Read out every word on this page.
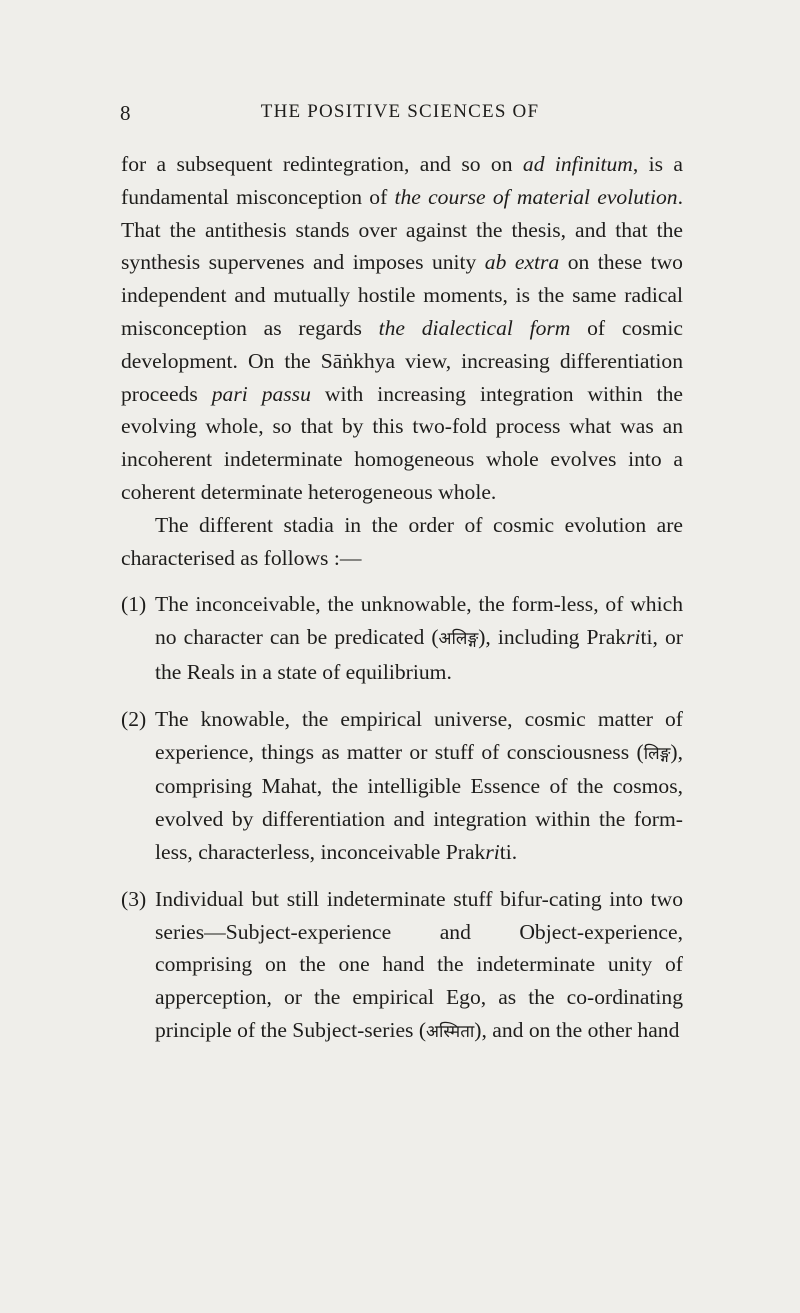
8	THE POSITIVE SCIENCES OF

for a subsequent redintegration, and so on ad infinitum, is a fundamental misconception of the course of material evolution. That the antithesis stands over against the thesis, and that the synthesis supervenes and imposes unity ab extra on these two independent and mutually hostile moments, is the same radical misconception as regards the dialectical form of cosmic development. On the Sāṅkhya view, increasing differentiation proceeds pari passu with increasing integration within the evolving whole, so that by this two-fold process what was an incoherent indeterminate homogeneous whole evolves into a coherent determinate heterogeneous whole.

The different stadia in the order of cosmic evolution are characterised as follows :—

(1) The inconceivable, the unknowable, the form-less, of which no character can be predicated (अलिङ्ग), including Prakriti, or the Reals in a state of equilibrium.

(2) The knowable, the empirical universe, cosmic matter of experience, things as matter or stuff of consciousness (लिङ्ग), comprising Mahat, the intelligible Essence of the cosmos, evolved by differentiation and integration within the form-less, characterless, inconceivable Prakriti.

(3) Individual but still indeterminate stuff bifur-cating into two series—Subject-experience and Object-experience, comprising on the one hand the indeterminate unity of apperception, or the empirical Ego, as the co-ordinating principle of the Subject-series (अस्मिता), and on the other hand
